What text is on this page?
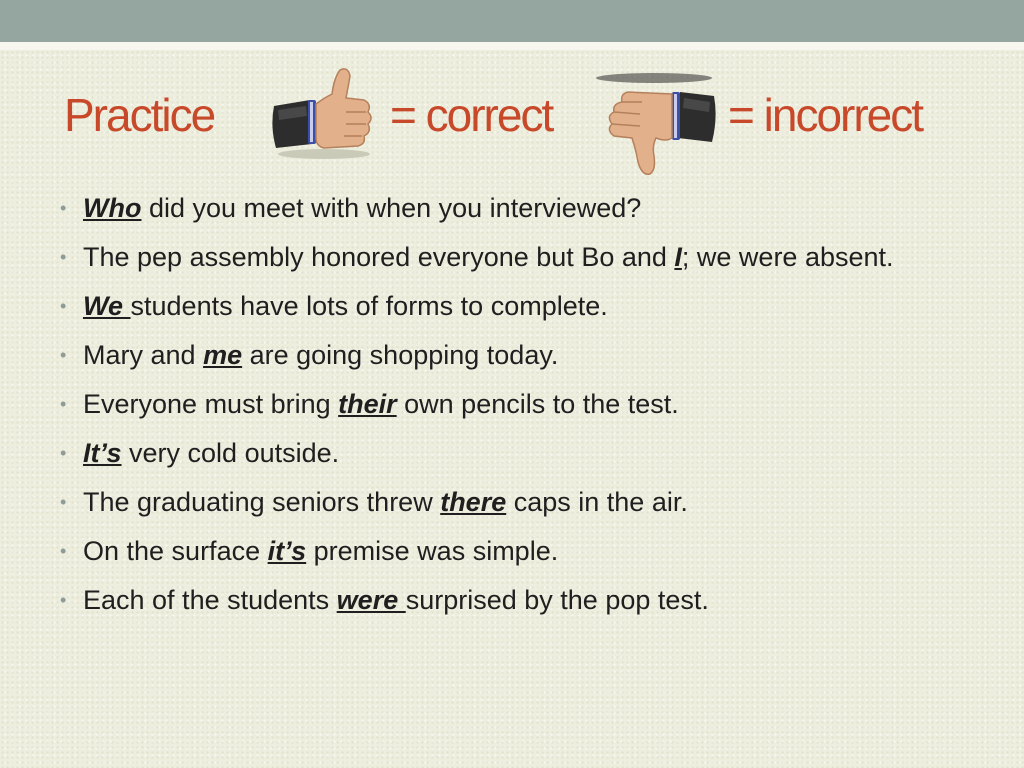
Practice	= correct	= incorrect
• Who did you meet with when you interviewed?
• The pep assembly honored everyone but Bo and I; we were absent.
• We students have lots of forms to complete.
• Mary and me are going shopping today.
• Everyone must bring their own pencils to the test.
• It’s very cold outside.
• The graduating seniors threw there caps in the air.
• On the surface it’s premise was simple.
• Each of the students were surprised by the pop test.
